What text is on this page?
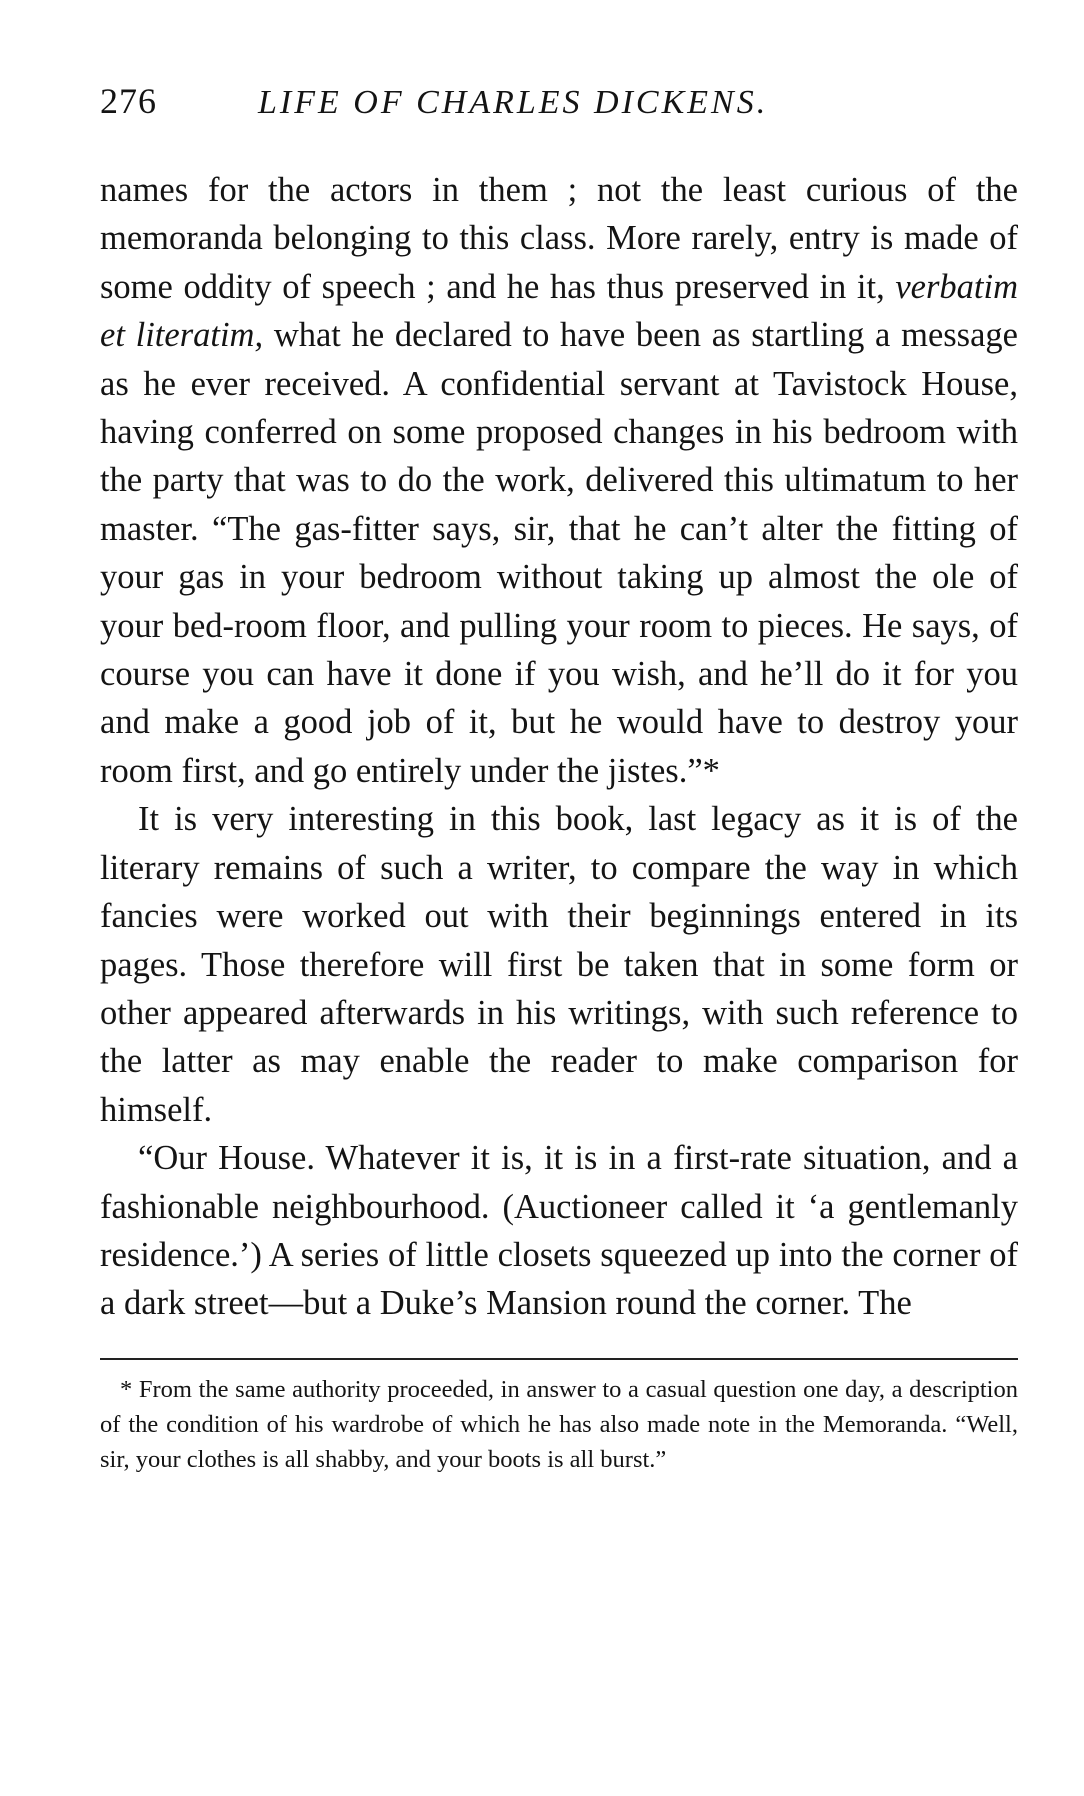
276	LIFE OF CHARLES DICKENS.

names for the actors in them ; not the least curious of the memoranda belonging to this class. More rarely, entry is made of some oddity of speech ; and he has thus preserved in it, verbatim et literatim, what he declared to have been as startling a message as he ever received. A confidential servant at Tavistock House, having conferred on some proposed changes in his bedroom with the party that was to do the work, delivered this ultimatum to her master. “The gas-fitter says, sir, that he can’t alter the fitting of your gas in your bedroom without taking up almost the ole of your bed-room floor, and pulling your room to pieces. He says, of course you can have it done if you wish, and he’ll do it for you and make a good job of it, but he would have to destroy your room first, and go entirely under the jistes.”*

It is very interesting in this book, last legacy as it is of the literary remains of such a writer, to compare the way in which fancies were worked out with their beginnings entered in its pages. Those therefore will first be taken that in some form or other appeared afterwards in his writings, with such reference to the latter as may enable the reader to make comparison for himself.

“Our House. Whatever it is, it is in a first-rate situation, and a fashionable neighbourhood. (Auctioneer called it ‘a gentlemanly residence.’) A series of little closets squeezed up into the corner of a dark street—but a Duke’s Mansion round the corner. The

* From the same authority proceeded, in answer to a casual question one day, a description of the condition of his wardrobe of which he has also made note in the Memoranda. “Well, sir, your clothes is all shabby, and your boots is all burst.”
